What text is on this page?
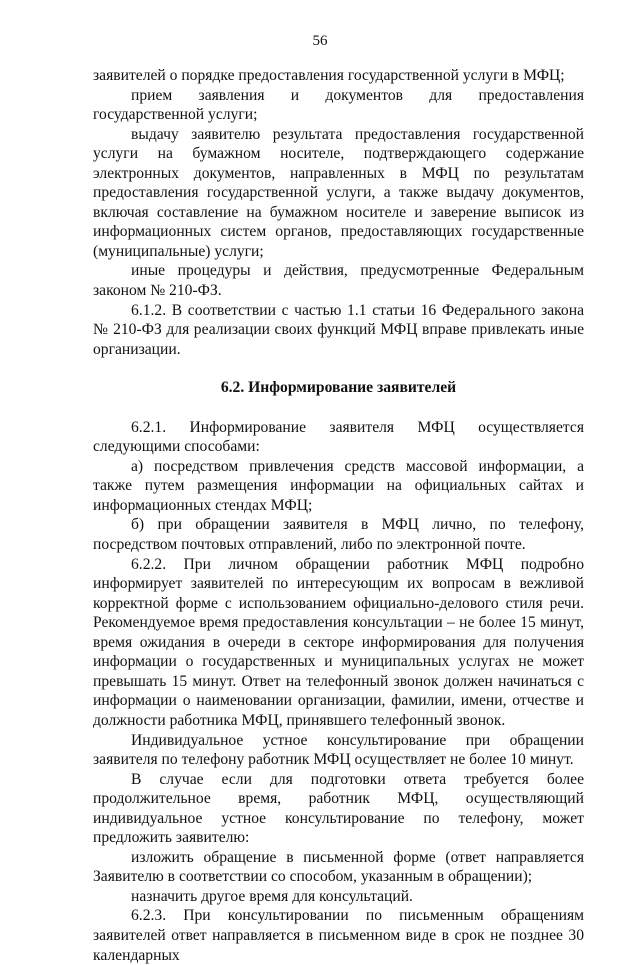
56

заявителей о порядке предоставления государственной услуги в МФЦ;

прием заявления и документов для предоставления государственной услуги;

выдачу заявителю результата предоставления государственной услуги на бумажном носителе, подтверждающего содержание электронных документов, направленных в МФЦ по результатам предоставления государственной услуги, а также выдачу документов, включая составление на бумажном носителе и заверение выписок из информационных систем органов, предоставляющих государственные (муниципальные) услуги;

иные процедуры и действия, предусмотренные Федеральным законом № 210-ФЗ.

6.1.2. В соответствии с частью 1.1 статьи 16 Федерального закона № 210-ФЗ для реализации своих функций МФЦ вправе привлекать иные организации.

6.2. Информирование заявителей

6.2.1. Информирование заявителя МФЦ осуществляется следующими способами:

а) посредством привлечения средств массовой информации, а также путем размещения информации на официальных сайтах и информационных стендах МФЦ;

б) при обращении заявителя в МФЦ лично, по телефону, посредством почтовых отправлений, либо по электронной почте.

6.2.2. При личном обращении работник МФЦ подробно информирует заявителей по интересующим их вопросам в вежливой корректной форме с использованием официально-делового стиля речи. Рекомендуемое время предоставления консультации – не более 15 минут, время ожидания в очереди в секторе информирования для получения информации о государственных и муниципальных услугах не может превышать 15 минут. Ответ на телефонный звонок должен начинаться с информации о наименовании организации, фамилии, имени, отчестве и должности работника МФЦ, принявшего телефонный звонок.

Индивидуальное устное консультирование при обращении заявителя по телефону работник МФЦ осуществляет не более 10 минут.

В случае если для подготовки ответа требуется более продолжительное время, работник МФЦ, осуществляющий индивидуальное устное консультирование по телефону, может предложить заявителю:

изложить обращение в письменной форме (ответ направляется Заявителю в соответствии со способом, указанным в обращении);

назначить другое время для консультаций.

6.2.3. При консультировании по письменным обращениям заявителей ответ направляется в письменном виде в срок не позднее 30 календарных
